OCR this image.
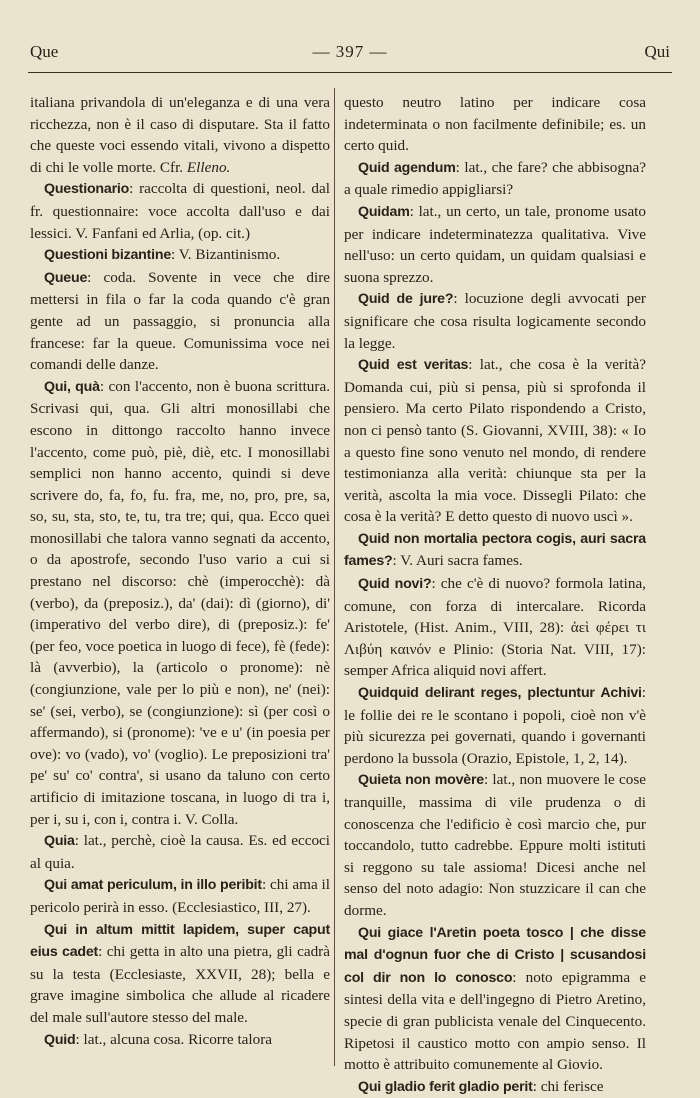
Que	— 397 —	Qui

italiana privandola di un'eleganza e di una vera ricchezza, non è il caso di disputare. Sta il fatto che queste voci essendo vitali, vivono a dispetto di chi le volle morte. Cfr. Elleno.

Questionario: raccolta di questioni, neol. dal fr. questionnaire: voce accolta dall'uso e dai lessici. V. Fanfani ed Arlia, (op. cit.)

Questioni bizantine: V. Bizantinismo.

Queue: coda. Sovente in vece che dire mettersi in fila o far la coda quando c'è gran gente ad un passaggio, si pronuncia alla francese: far la queue. Comunissima voce nei comandi delle danze.

Qui, quà: con l'accento, non è buona scrittura. Scrivasi qui, qua. Gli altri monosillabi che escono in dittongo raccolto hanno invece l'accento, come può, piè, diè, etc. I monosillabi semplici non hanno accento, quindi si deve scrivere do, fa, fo, fu. fra, me, no, pro, pre, sa, so, su, sta, sto, te, tu, tra tre; qui, qua. Ecco quei monosillabi che talora vanno segnati da accento, o da apostrofe, secondo l'uso vario a cui si prestano nel discorso: chè (imperocchè): dà (verbo), da (preposiz.), da' (dai): dì (giorno), di' (imperativo del verbo dire), di (preposiz.): fe' (per feo, voce poetica in luogo di fece), fè (fede): là (avverbio), la (articolo o pronome): nè (congiunzione, vale per lo più e non), ne' (nei): se' (sei, verbo), se (congiunzione): sì (per così o affermando), si (pronome): 've e u' (in poesia per ove): vo (vado), vo' (voglio). Le preposizioni tra' pe' su' co' contra', si usano da taluno con certo artificio di imitazione toscana, in luogo di tra i, per i, su i, con i, contra i. V. Colla.

Quia: lat., perchè, cioè la causa. Es. ed eccoci al quia.

Qui amat periculum, in illo peribit: chi ama il pericolo perirà in esso. (Ecclesiastico, III, 27).

Qui in altum mittit lapidem, super caput eius cadet: chi getta in alto una pietra, gli cadrà su la testa (Ecclesiaste, XXVII, 28); bella e grave imagine simbolica che allude al ricadere del male sull'autore stesso del male.

Quid: lat., alcuna cosa. Ricorre talora

questo neutro latino per indicare cosa indeterminata o non facilmente definibile; es. un certo quid.

Quid agendum: lat., che fare? che abbisogna? a quale rimedio appigliarsi?

Quidam: lat., un certo, un tale, pronome usato per indicare indeterminatezza qualitativa. Vive nell'uso: un certo quidam, un quidam qualsiasi e suona sprezzo.

Quid de jure?: locuzione degli avvocati per significare che cosa risulta logicamente secondo la legge.

Quid est veritas: lat., che cosa è la verità? Domanda cui, più si pensa, più si sprofonda il pensiero. Ma certo Pilato rispondendo a Cristo, non ci pensò tanto (S. Giovanni, XVIII, 38): « Io a questo fine sono venuto nel mondo, di rendere testimonianza alla verità: chiunque sta per la verità, ascolta la mia voce. Dissegli Pilato: che cosa è la verità? E detto questo di nuovo uscì ».

Quid non mortalia pectora cogis, auri sacra fames?: V. Auri sacra fames.

Quid novi?: che c'è di nuovo? formola latina, comune, con forza di intercalare. Ricorda Aristotele, (Hist. Anim., VIII, 28): ἀεὶ φέρει τι Λιβύη καινόν e Plinio: (Storia Nat. VIII, 17): semper Africa aliquid novi affert.

Quidquid delirant reges, plectuntur Achivi: le follie dei re le scontano i popoli, cioè non v'è più sicurezza pei governati, quando i governanti perdono la bussola (Orazio, Epistole, 1, 2, 14).

Quieta non movère: lat., non muovere le cose tranquille, massima di vile prudenza o di conoscenza che l'edificio è così marcio che, pur toccandolo, tutto cadrebbe. Eppure molti istituti si reggono su tale assioma! Dicesi anche nel senso del noto adagio: Non stuzzicare il can che dorme.

Qui giace l'Aretin poeta tosco | che disse mal d'ognun fuor che di Cristo | scusandosi col dir non lo conosco: noto epigramma e sintesi della vita e dell'ingegno di Pietro Aretino, specie di gran publicista venale del Cinquecento. Ripetosi il caustico motto con ampio senso. Il motto è attribuito comunemente al Giovio.

Qui gladio ferit gladio perit: chi ferisce
